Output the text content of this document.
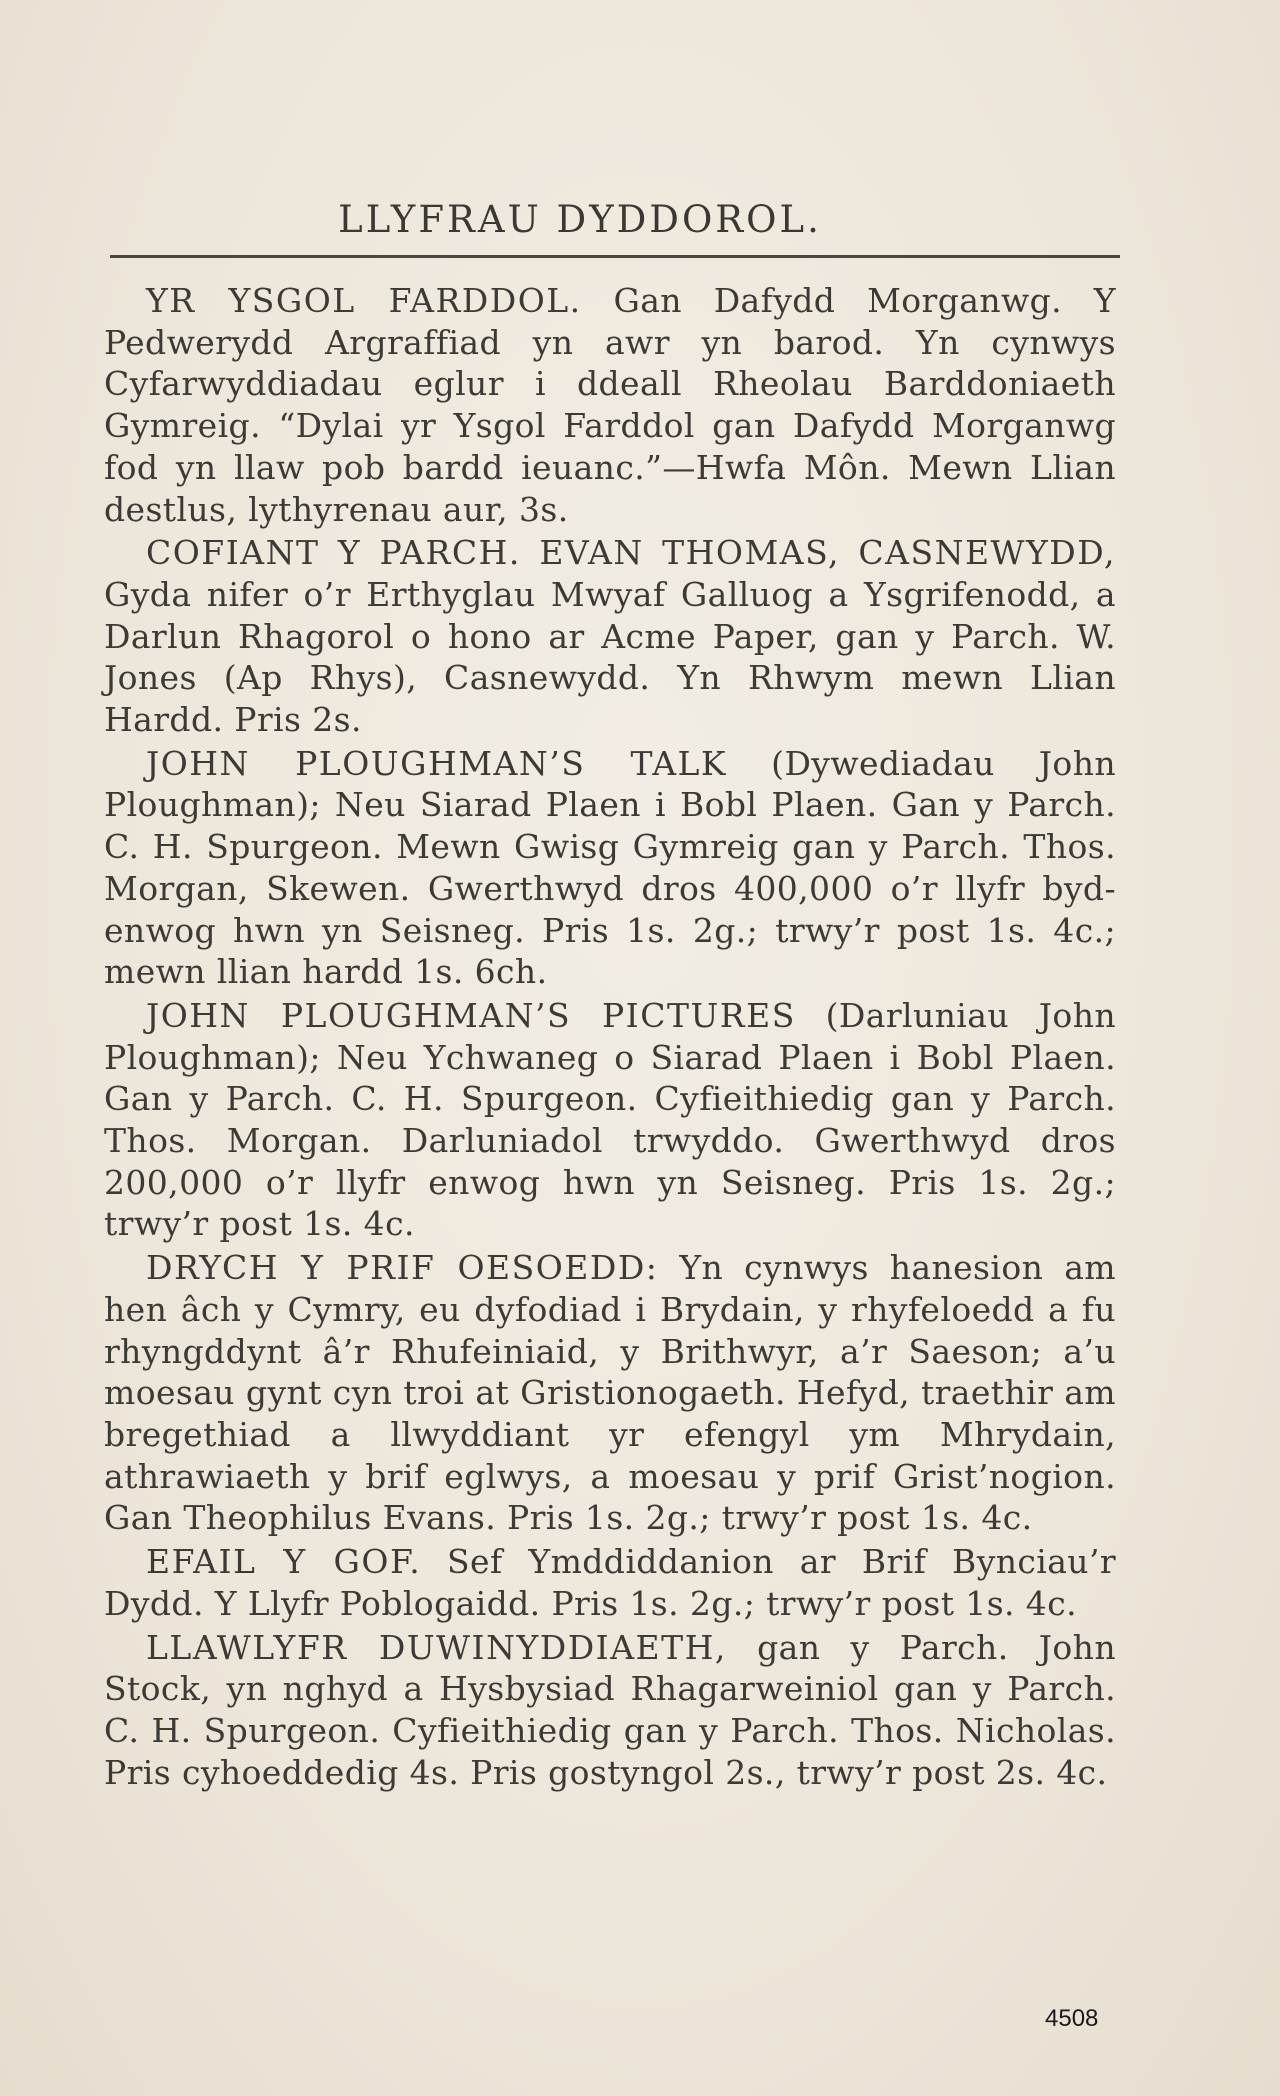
LLYFRAU DYDDOROL.

YR YSGOL FARDDOL. Gan Dafydd Morganwg. Y Pedwerydd Argraffiad yn awr yn barod. Yn cynwys Cyfarwyddiadau eglur i ddeall Rheolau Barddoniaeth Gymreig. “Dylai yr Ysgol Farddol gan Dafydd Morganwg fod yn llaw pob bardd ieuanc.”—Hwfa Môn. Mewn Llian destlus, lythyrenau aur, 3s.

COFIANT Y PARCH. EVAN THOMAS, CASNEWYDD, Gyda nifer o’r Erthyglau Mwyaf Galluog a Ysgrifenodd, a Darlun Rhagorol o hono ar Acme Paper, gan y Parch. W. Jones (Ap Rhys), Casnewydd. Yn Rhwym mewn Llian Hardd. Pris 2s.

JOHN PLOUGHMAN’S TALK (Dywediadau John Ploughman); Neu Siarad Plaen i Bobl Plaen. Gan y Parch. C. H. Spurgeon. Mewn Gwisg Gymreig gan y Parch. Thos. Morgan, Skewen. Gwerthwyd dros 400,000 o’r llyfr byd-enwog hwn yn Seisneg. Pris 1s. 2g.; trwy’r post 1s. 4c.; mewn llian hardd 1s. 6ch.

JOHN PLOUGHMAN’S PICTURES (Darluniau John Ploughman); Neu Ychwaneg o Siarad Plaen i Bobl Plaen. Gan y Parch. C. H. Spurgeon. Cyfieithiedig gan y Parch. Thos. Morgan. Darluniadol trwyddo. Gwerthwyd dros 200,000 o’r llyfr enwog hwn yn Seisneg. Pris 1s. 2g.; trwy’r post 1s. 4c.

DRYCH Y PRIF OESOEDD: Yn cynwys hanesion am hen âch y Cymry, eu dyfodiad i Brydain, y rhyfeloedd a fu rhyngddynt â’r Rhufeiniaid, y Brithwyr, a’r Saeson; a’u moesau gynt cyn troi at Gristionogaeth. Hefyd, traethir am bregethiad a llwyddiant yr efengyl ym Mhrydain, athrawiaeth y brif eglwys, a moesau y prif Grist’nogion. Gan Theophilus Evans. Pris 1s. 2g.; trwy’r post 1s. 4c.

EFAIL Y GOF. Sef Ymddiddanion ar Brif Bynciau’r Dydd. Y Llyfr Poblogaidd. Pris 1s. 2g.; trwy’r post 1s. 4c.

LLAWLYFR DUWINYDDIAETH, gan y Parch. John Stock, yn nghyd a Hysbysiad Rhagarweiniol gan y Parch. C. H. Spurgeon. Cyfieithiedig gan y Parch. Thos. Nicholas. Pris cyhoeddedig 4s. Pris gostyngol 2s., trwy’r post 2s. 4c.

4508
